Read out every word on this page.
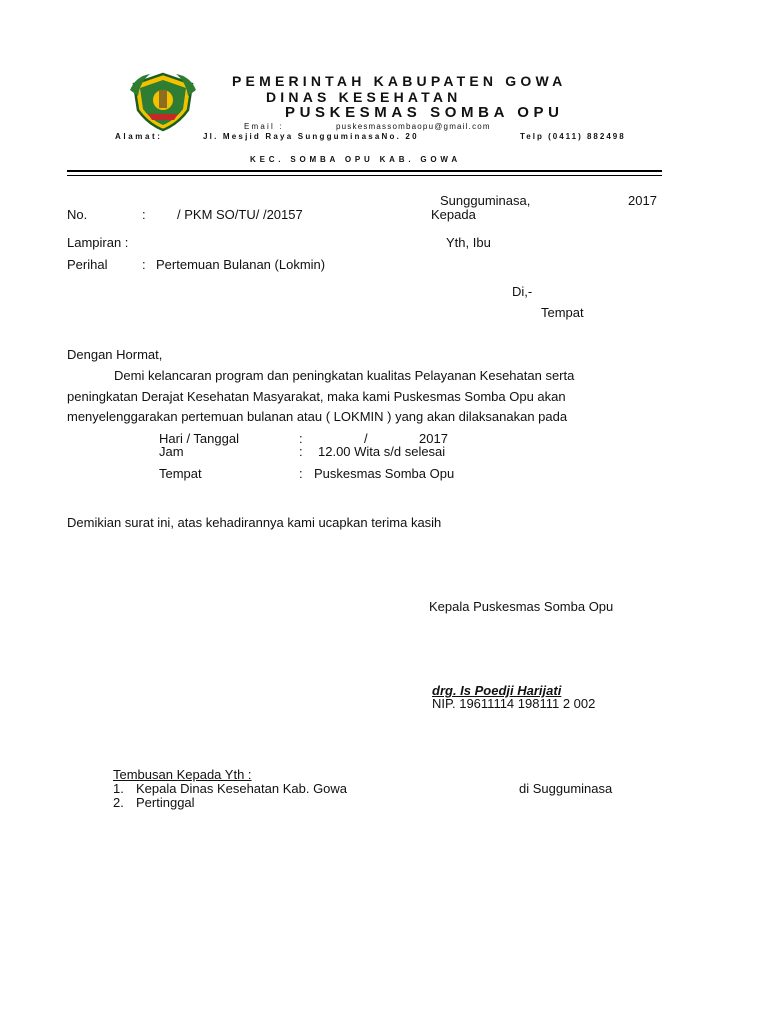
PEMERINTAH KABUPATEN GOWA
DINAS KESEHATAN
PUSKESMAS SOMBA OPU
Email :	puskesmassombaopu@gmail.com
Alamat:	Jl. Mesjid Raya SungguminasaNo. 20	Telp (0411) 882498
KEC. SOMBA OPU KAB. GOWA
Sungguminasa,	2017
No.	: / PKM SO/TU/ /20157	Kepada
Lampiran :	Yth, Ibu
Perihal	: Pertemuan Bulanan (Lokmin)
Di,-
Tempat
Dengan Hormat,
Demi kelancaran program dan peningkatan kualitas Pelayanan Kesehatan serta
peningkatan Derajat Kesehatan Masyarakat, maka kami Puskesmas Somba Opu akan
menyelenggarakan pertemuan bulanan atau ( LOKMIN ) yang akan dilaksanakan pada
Hari / Tanggal	:	/	2017
Jam	: 12.00 Wita s/d selesai
Tempat	: Puskesmas Somba Opu
Demikian surat ini, atas kehadirannya kami ucapkan terima kasih
Kepala Puskesmas Somba Opu
drg. Is Poedji Harijati
NIP. 19611114 198111 2 002
Tembusan Kepada Yth :
1. Kepala Dinas Kesehatan Kab. Gowa	di Sugguminasa
2. Pertinggal
